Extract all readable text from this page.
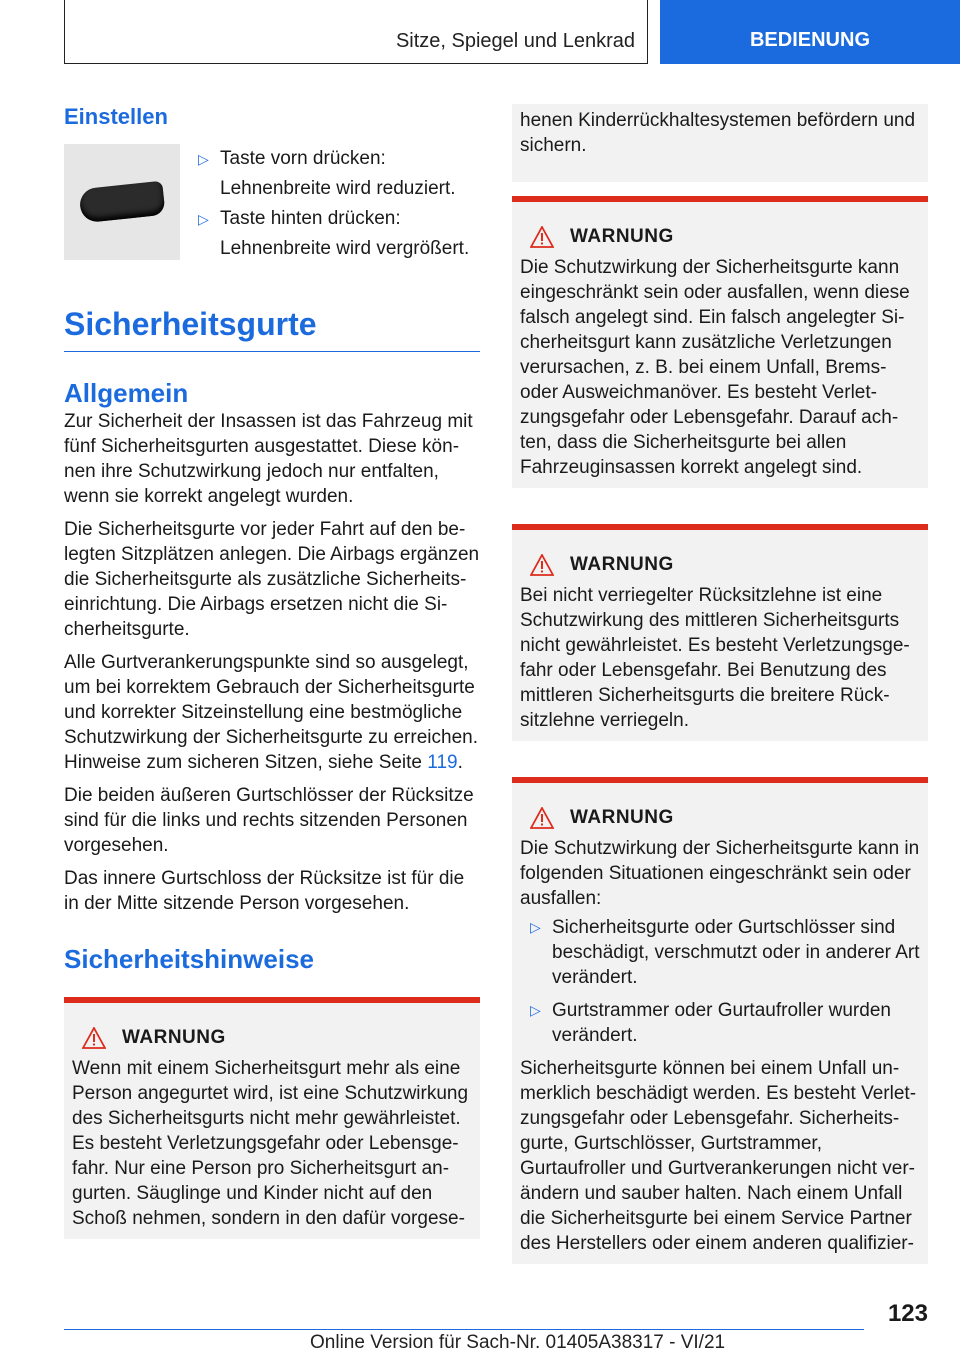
Sitze, Spiegel und Lenkrad	BEDIENUNG
Einstellen
▷ Taste vorn drücken:
Lehnenbreite wird reduziert.
▷ Taste hinten drücken:
Lehnenbreite wird vergrößert.
Sicherheitsgurte
Allgemein

Zur Sicherheit der Insassen ist das Fahrzeug mit fünf Sicherheitsgurten ausgestattet. Diese können ihre Schutzwirkung jedoch nur entfalten, wenn sie korrekt angelegt wurden.

Die Sicherheitsgurte vor jeder Fahrt auf den belegten Sitzplätzen anlegen. Die Airbags ergänzen die Sicherheitsgurte als zusätzliche Sicherheitseinrichtung. Die Airbags ersetzen nicht die Sicherheitsgurte.

Alle Gurtverankerungspunkte sind so ausgelegt, um bei korrektem Gebrauch der Sicherheitsgurte und korrekter Sitzeinstellung eine bestmögliche Schutzwirkung der Sicherheitsgurte zu erreichen. Hinweise zum sicheren Sitzen, siehe Seite 119.

Die beiden äußeren Gurtschlösser der Rücksitze sind für die links und rechts sitzenden Personen vorgesehen.

Das innere Gurtschloss der Rücksitze ist für die in der Mitte sitzende Person vorgesehen.

Sicherheitshinweise
WARNUNG
Wenn mit einem Sicherheitsgurt mehr als eine Person angegurtet wird, ist eine Schutzwirkung des Sicherheitsgurts nicht mehr gewährleistet. Es besteht Verletzungsgefahr oder Lebensgefahr. Nur eine Person pro Sicherheitsgurt angurten. Säuglinge und Kinder nicht auf den Schoß nehmen, sondern in den dafür vorgese-
henen Kinderrückhaltesystemen befördern und sichern.
WARNUNG
Die Schutzwirkung der Sicherheitsgurte kann eingeschränkt sein oder ausfallen, wenn diese falsch angelegt sind. Ein falsch angelegter Sicherheitsgurt kann zusätzliche Verletzungen verursachen, z. B. bei einem Unfall, Brems- oder Ausweichmanöver. Es besteht Verletzungsgefahr oder Lebensgefahr. Darauf achten, dass die Sicherheitsgurte bei allen Fahrzeuginsassen korrekt angelegt sind.
WARNUNG
Bei nicht verriegelter Rücksitzlehne ist eine Schutzwirkung des mittleren Sicherheitsgurts nicht gewährleistet. Es besteht Verletzungsgefahr oder Lebensgefahr. Bei Benutzung des mittleren Sicherheitsgurts die breitere Rücksitzlehne verriegeln.
WARNUNG
Die Schutzwirkung der Sicherheitsgurte kann in folgenden Situationen eingeschränkt sein oder ausfallen:
▷ Sicherheitsgurte oder Gurtschlösser sind beschädigt, verschmutzt oder in anderer Art verändert.
▷ Gurtstrammer oder Gurtaufroller wurden verändert.
Sicherheitsgurte können bei einem Unfall unmerklich beschädigt werden. Es besteht Verletzungsgefahr oder Lebensgefahr. Sicherheitsgurte, Gurtschlösser, Gurtstrammer, Gurtaufroller und Gurtverankerungen nicht verändern und sauber halten. Nach einem Unfall die Sicherheitsgurte bei einem Service Partner des Herstellers oder einem anderen qualifizier-
123
Online Version für Sach-Nr. 01405A38317 - VI/21
